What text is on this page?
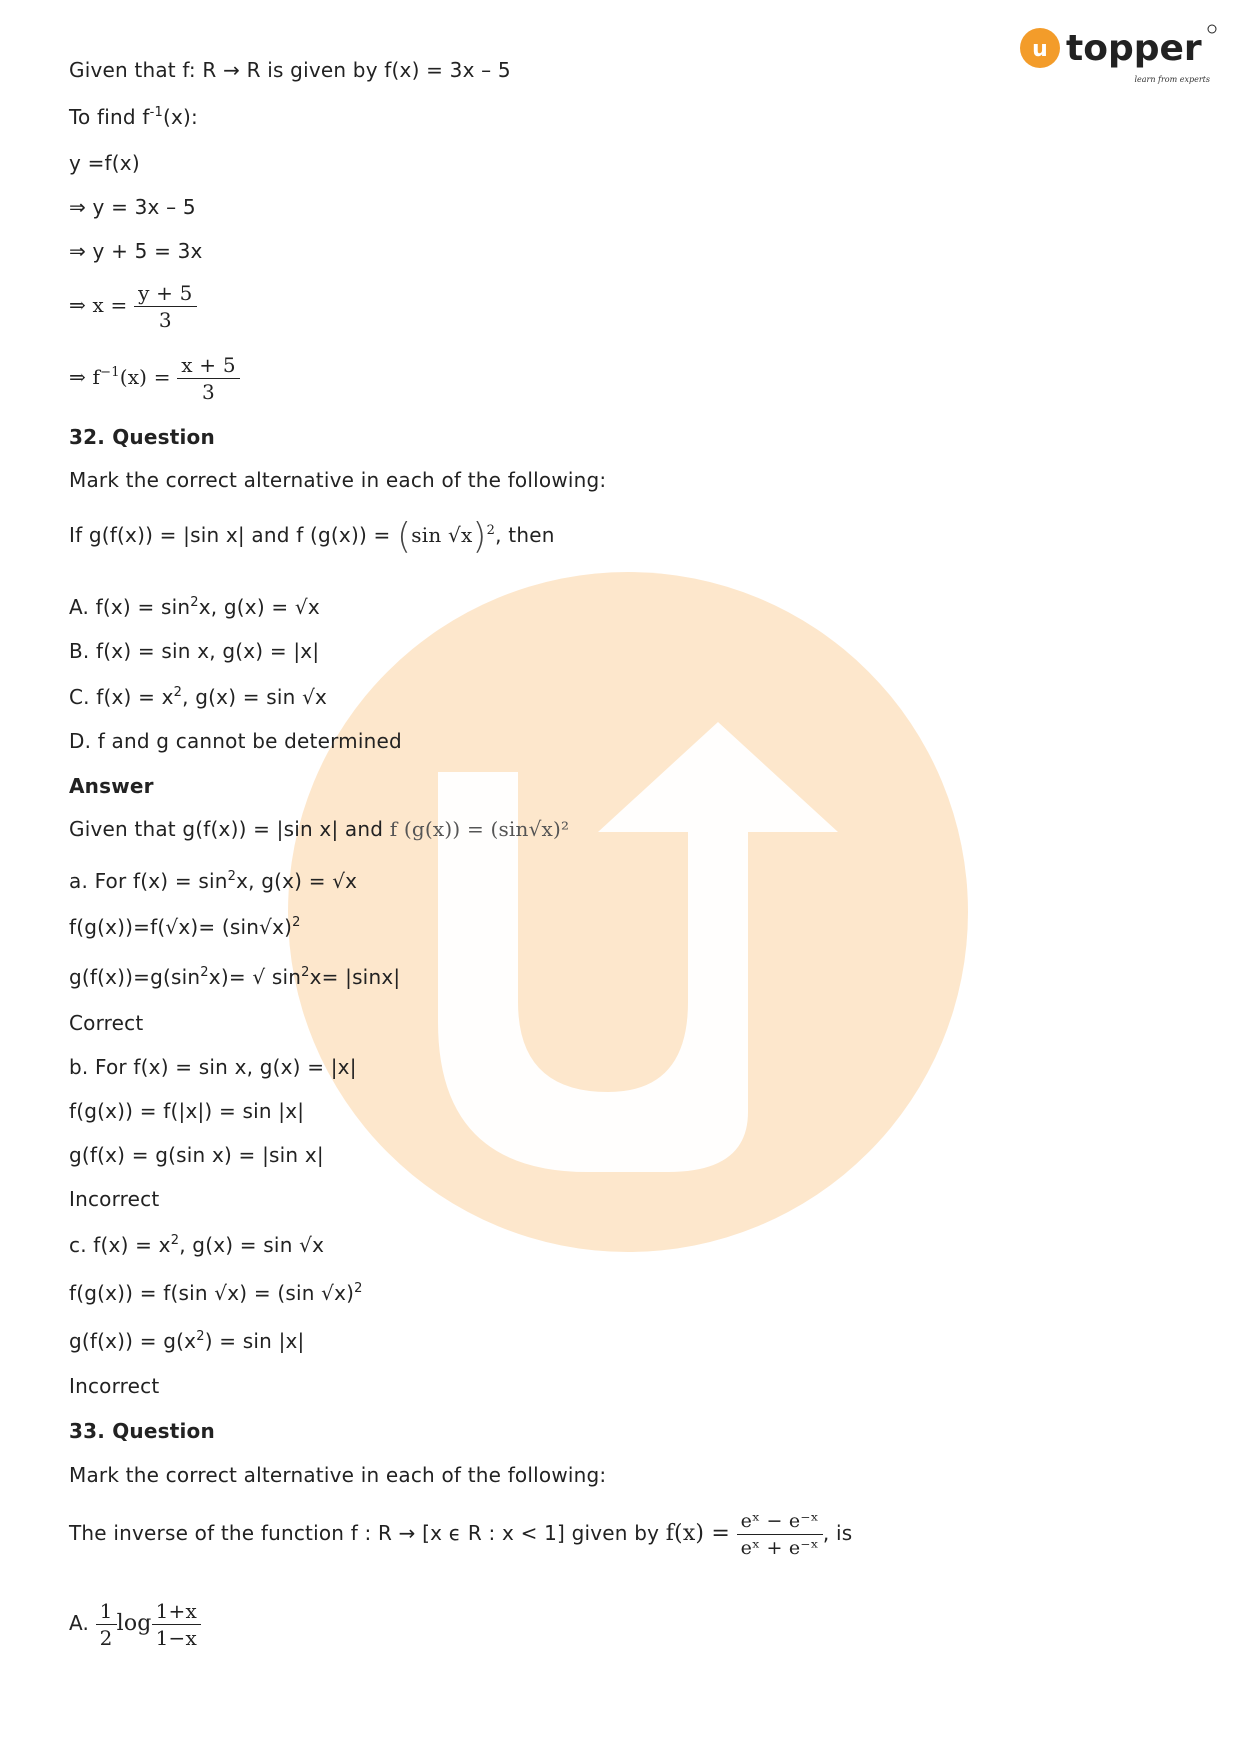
u topper
learn from experts
Given that f: R → R is given by f(x) = 3x – 5
To find $f^{-1}(x)$:
y =f(x)
⇒ y = 3x – 5
⇒ y + 5 = 3x
⇒ $x = \frac{y + 5}{3}$
⇒ $f^{-1}(x) = \frac{x + 5}{3}$
32. Question
Mark the correct alternative in each of the following:
If g(f(x)) = |sin x| and f (g(x)) = (sin √x)$^2$, then
A. $f(x) = \sin^2x$, g(x) = √x
B. f(x) = sin x, g(x) = |x|
C. $f(x) = x^2$, g(x) = sin √x
D. f and g cannot be determined
Answer
Given that g(f(x)) = |sin x| and f (g(x)) = (sin√x)²
a. For $f(x) = \sin^2x$, g(x) = √x
$f(g(x))=f(√x)= (\sin√x)^2$
$g(f(x))=g(\sin^2x)=$ √ $\sin^2x= |\sin x|$
Correct
b. For f(x) = sin x, g(x) = |x|
f(g(x)) = f(|x|) = sin |x|
g(f(x) = g(sin x) = |sin x|
Incorrect
c. $f(x) = x^2$, g(x) = sin √x
f(g(x)) = f(sin √x) = (sin √x)$^2$
$g(f(x)) = g(x^2) = \sin |x|$
Incorrect
33. Question
Mark the correct alternative in each of the following:
The inverse of the function f : R → [x ϵ R : x < 1] given by $f(x) = \frac{\text{eˣ − e⁻ˣ}}{\text{eˣ + e⁻ˣ}}$ , is
A. $\frac{1}{2}$ $\log \frac{1+x}{1-x}$
